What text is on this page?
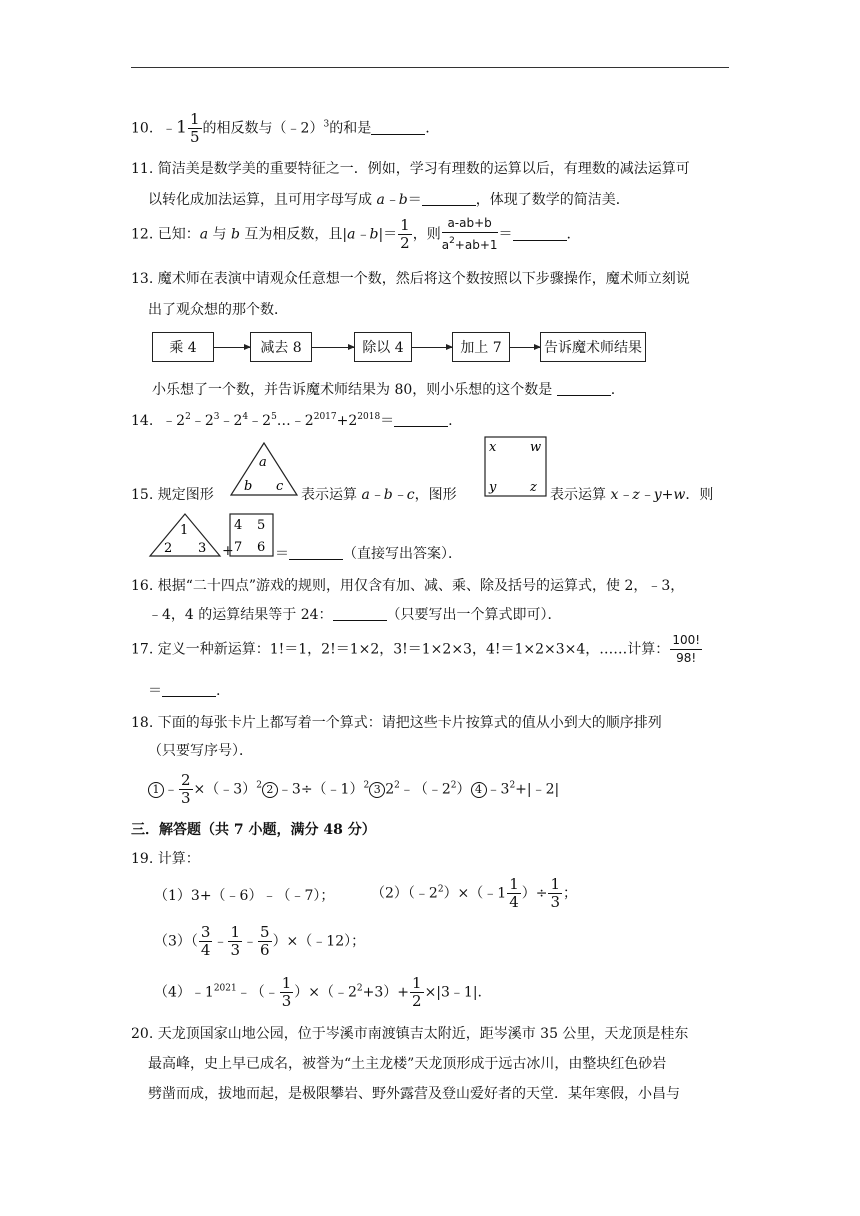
10.  ﹣1 $\frac{1}{5}$ 的相反数与（﹣2）$^3$的和是	.
11. 简洁美是数学美的重要特征之一．例如，学习有理数的运算以后，有理数的减法运算可
以转化成加法运算，且可用字母写成 a﹣b＝	，体现了数学的简洁美．
12. 已知：a 与 b 互为相反数，且|a﹣b|＝ $\frac{1}{2}$ ，则 $\frac{a-ab+b}{a^2+ab+1}$ ＝	.
13. 魔术师在表演中请观众任意想一个数，然后将这个数按照以下步骤操作，魔术师立刻说
出了观众想的那个数．
乘 4	减去 8	除以 4	加上 7	告诉魔术师结果
小乐想了一个数，并告诉魔术师结果为 80，则小乐想的这个数是	.
14. $﹣2^2﹣2^3﹣2^4﹣2^5\dots﹣2^{2017}+2^{2018}=$	.
15. 规定图形
a
b c
表示运算 a﹣b﹣c，图形
x	w
y	z 表示运算 x﹣z﹣y+w．则
1
2 3 +
4 5
7 6 ＝	（直接写出答案）．
16. 根据“二十四点”游戏的规则，用仅含有加、减、乘、除及括号的运算式，使 2，﹣3，
﹣4，4 的运算结果等于 24：	（只要写出一个算式即可）．
17. 定义一种新运算：1!＝1，2!＝1×2，3!＝1×2×3，4!＝1×2×3×4，……计算： $\frac{100!}{98!}$
＝	.
18. 下面的每张卡片上都写着一个算式：请把这些卡片按算式的值从小到大的顺序排列
（只要写序号）．
1 ﹣ $\frac{2}{3}$ ×（﹣3）$^2$ 2 ﹣3÷（﹣1）$^2$ 3 $2^2﹣(﹣2^2)$ 4 $﹣3^2+|﹣2|$
三．解答题（共 7 小题，满分 48 分）
19. 计算：
（1）3+（﹣6）﹣（﹣7）；	$(2)(﹣2^2)\times(﹣1 \frac{1}{4}$ ）÷ $\frac{1}{3}$ ；
$(3)( \frac{3}{4}$ ﹣ $\frac{1}{3}$ ﹣ $\frac{5}{6}$ ）×（﹣12）；
$(4)﹣1^{2021}﹣(﹣ \frac{1}{3}$ ）$\times(﹣2^2+3)+ \frac{1}{2}$ ×|3﹣1|.
20. 天龙顶国家山地公园，位于岑溪市南渡镇吉太附近，距岑溪市 35 公里，天龙顶是桂东
最高峰，史上早已成名，被誉为“土主龙楼”天龙顶形成于远古冰川，由整块红色砂岩
劈凿而成，拔地而起，是极限攀岩、野外露营及登山爱好者的天堂．某年寒假，小昌与
